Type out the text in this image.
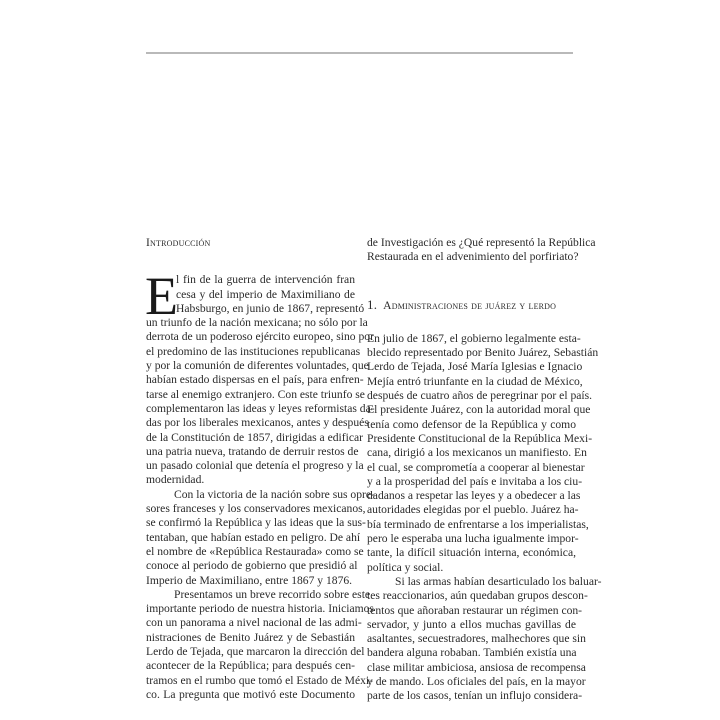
Introducción
E
l fin de la guerra de intervención fran
cesa y del imperio de Maximiliano de
Habsburgo, en junio de 1867, representó
un triunfo de la nación mexicana; no sólo por la
derrota de un poderoso ejército europeo, sino por
el predomino de las instituciones republicanas
y por la comunión de diferentes voluntades, que
habían estado dispersas en el país, para enfren-
tarse al enemigo extranjero. Con este triunfo se
complementaron las ideas y leyes reformistas da-
das por los liberales mexicanos, antes y después
de la Constitución de 1857, dirigidas a edificar
una patria nueva, tratando de derruir restos de
un pasado colonial que detenía el progreso y la
modernidad.
Con la victoria de la nación sobre sus opre-
sores franceses y los conservadores mexicanos,
se confirmó la República y las ideas que la sus-
tentaban, que habían estado en peligro. De ahí
el nombre de «República Restaurada» como se
conoce al periodo de gobierno que presidió al
Imperio de Maximiliano, entre 1867 y 1876.
Presentamos un breve recorrido sobre este
importante periodo de nuestra historia. Iniciamos
con un panorama a nivel nacional de las admi-
nistraciones de Benito Juárez y de Sebastián
Lerdo de Tejada, que marcaron la dirección del
acontecer de la República; para después cen-
tramos en el rumbo que tomó el Estado de Méxi-
co. La pregunta que motivó este Documento
de Investigación es ¿Qué representó la República
Restaurada en el advenimiento del porfiriato?
1. Administraciones de juárez y lerdo
En julio de 1867, el gobierno legalmente esta-
blecido representado por Benito Juárez, Sebastián
Lerdo de Tejada, José María Iglesias e Ignacio
Mejía entró triunfante en la ciudad de México,
después de cuatro años de peregrinar por el país.
El presidente Juárez, con la autoridad moral que
tenía como defensor de la República y como
Presidente Constitucional de la República Mexi-
cana, dirigió a los mexicanos un manifiesto. En
el cual, se comprometía a cooperar al bienestar
y a la prosperidad del país e invitaba a los ciu-
dadanos a respetar las leyes y a obedecer a las
autoridades elegidas por el pueblo. Juárez ha-
bía terminado de enfrentarse a los imperialistas,
pero le esperaba una lucha igualmente impor-
tante, la difícil situación interna, económica,
política y social.
Si las armas habían desarticulado los baluar-
tes reaccionarios, aún quedaban grupos descon-
tentos que añoraban restaurar un régimen con-
servador, y junto a ellos muchas gavillas de
asaltantes, secuestradores, malhechores que sin
bandera alguna robaban. También existía una
clase militar ambiciosa, ansiosa de recompensa
y de mando. Los oficiales del país, en la mayor
parte de los casos, tenían un influjo considera-
